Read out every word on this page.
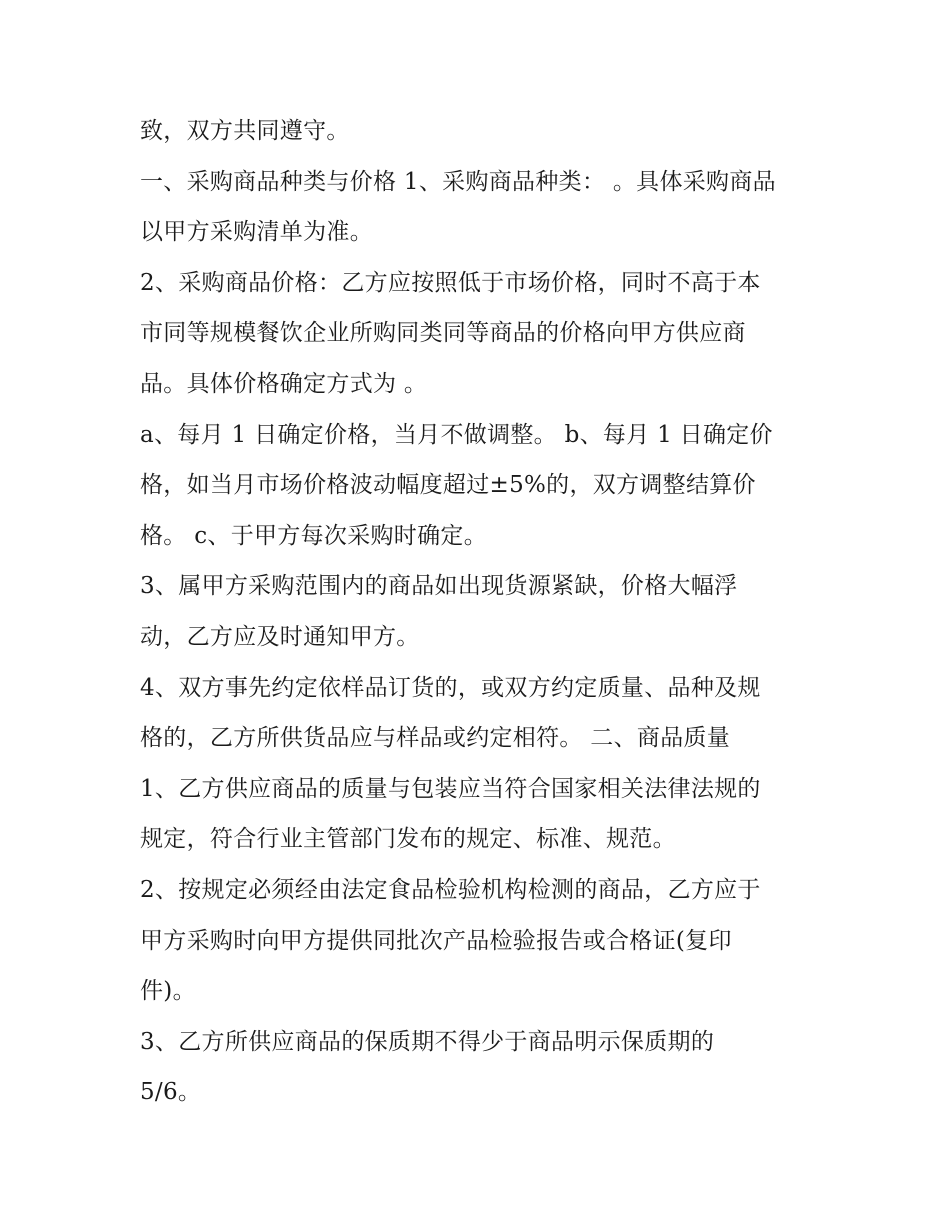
致，双方共同遵守。
一、采购商品种类与价格 1、采购商品种类： 。具体采购商品
以甲方采购清单为准。
2、采购商品价格：乙方应按照低于市场价格，同时不高于本
市同等规模餐饮企业所购同类同等商品的价格向甲方供应商
品。具体价格确定方式为 。
a、每月 1 日确定价格，当月不做调整。 b、每月 1 日确定价
格，如当月市场价格波动幅度超过±5%的，双方调整结算价
格。 c、于甲方每次采购时确定。
3、属甲方采购范围内的商品如出现货源紧缺，价格大幅浮
动，乙方应及时通知甲方。
4、双方事先约定依样品订货的，或双方约定质量、品种及规
格的，乙方所供货品应与样品或约定相符。 二、商品质量
1、乙方供应商品的质量与包装应当符合国家相关法律法规的
规定，符合行业主管部门发布的规定、标准、规范。
2、按规定必须经由法定食品检验机构检测的商品，乙方应于
甲方采购时向甲方提供同批次产品检验报告或合格证(复印
件)。
3、乙方所供应商品的保质期不得少于商品明示保质期的
5/6。
